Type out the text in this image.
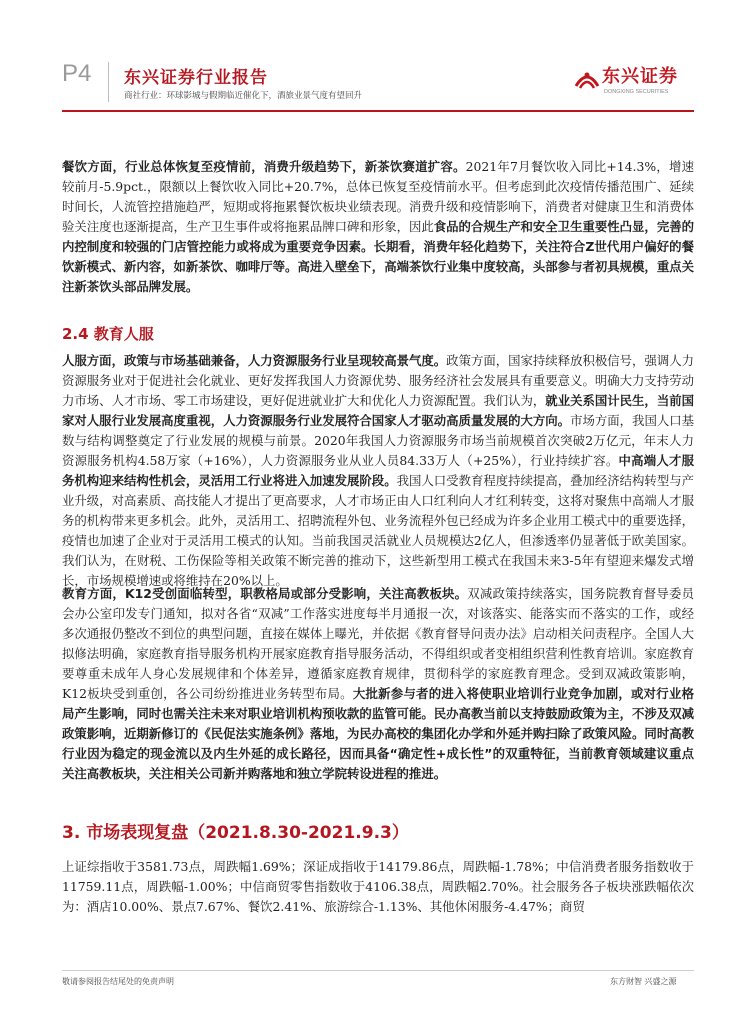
P4 东兴证券行业报告
商社行业：环球影城与假期临近催化下，酒旅业景气度有望回升
东兴证券
DONGXING SECURITIES

餐饮方面，行业总体恢复至疫情前，消费升级趋势下，新茶饮赛道扩容。2021年7月餐饮收入同比+14.3%，增速较前月-5.9pct.，限额以上餐饮收入同比+20.7%，总体已恢复至疫情前水平。但考虑到此次疫情传播范围广、延续时间长，人流管控措施趋严，短期或将拖累餐饮板块业绩表现。消费升级和疫情影响下，消费者对健康卫生和消费体验关注度也逐渐提高，生产卫生事件或将拖累品牌口碑和形象，因此食品的合规生产和安全卫生重要性凸显，完善的内控制度和较强的门店管控能力或将成为重要竞争因素。长期看，消费年轻化趋势下，关注符合Z世代用户偏好的餐饮新模式、新内容，如新茶饮、咖啡厅等。高进入壁垒下，高端茶饮行业集中度较高，头部参与者初具规模，重点关注新茶饮头部品牌发展。

2.4 教育人服

人服方面，政策与市场基础兼备，人力资源服务行业呈现较高景气度。政策方面，国家持续释放积极信号，强调人力资源服务业对于促进社会化就业、更好发挥我国人力资源优势、服务经济社会发展具有重要意义。明确大力支持劳动力市场、人才市场、零工市场建设，更好促进就业扩大和优化人力资源配置。我们认为，就业关系国计民生，当前国家对人服行业发展高度重视，人力资源服务行业发展符合国家人才驱动高质量发展的大方向。市场方面，我国人口基数与结构调整奠定了行业发展的规模与前景。2020年我国人力资源服务市场当前规模首次突破2万亿元，年末人力资源服务机构4.58万家（+16%），人力资源服务业从业人员84.33万人（+25%），行业持续扩容。中高端人才服务机构迎来结构性机会，灵活用工行业将进入加速发展阶段。我国人口受教育程度持续提高，叠加经济结构转型与产业升级，对高素质、高技能人才提出了更高要求，人才市场正由人口红利向人才红利转变，这将对聚焦中高端人才服务的机构带来更多机会。此外，灵活用工、招聘流程外包、业务流程外包已经成为许多企业用工模式中的重要选择，疫情也加速了企业对于灵活用工模式的认知。当前我国灵活就业人员规模达2亿人，但渗透率仍显著低于欧美国家。我们认为，在财税、工伤保险等相关政策不断完善的推动下，这些新型用工模式在我国未来3-5年有望迎来爆发式增长，市场规模增速或将维持在20%以上。

教育方面，K12受创面临转型，职教格局或部分受影响，关注高教板块。双减政策持续落实，国务院教育督导委员会办公室印发专门通知，拟对各省“双减”工作落实进度每半月通报一次，对该落实、能落实而不落实的工作，或经多次通报仍整改不到位的典型问题，直接在媒体上曝光，并依据《教育督导问责办法》启动相关问责程序。全国人大拟修法明确，家庭教育指导服务机构开展家庭教育指导服务活动，不得组织或者变相组织营利性教育培训。家庭教育要尊重未成年人身心发展规律和个体差异，遵循家庭教育规律，贯彻科学的家庭教育理念。受到双减政策影响，K12板块受到重创，各公司纷纷推进业务转型布局。大批新参与者的进入将使职业培训行业竞争加剧，或对行业格局产生影响，同时也需关注未来对职业培训机构预收款的监管可能。民办高教当前以支持鼓励政策为主，不涉及双减政策影响，近期新修订的《民促法实施条例》落地，为民办高校的集团化办学和外延并购扫除了政策风险。同时高教行业因为稳定的现金流以及内生外延的成长路径，因而具备“确定性+成长性”的双重特征，当前教育领域建议重点关注高教板块，关注相关公司新并购落地和独立学院转设进程的推进。

3. 市场表现复盘（2021.8.30-2021.9.3）

上证综指收于3581.73点，周跌幅1.69%；深证成指收于14179.86点，周跌幅-1.78%；中信消费者服务指数收于11759.11点，周跌幅-1.00%；中信商贸零售指数收于4106.38点，周跌幅2.70%。社会服务各子板块涨跌幅依次为：酒店10.00%、景点7.67%、餐饮2.41%、旅游综合-1.13%、其他休闲服务-4.47%；商贸

敬请参阅报告结尾处的免责声明	东方财智 兴盛之源
